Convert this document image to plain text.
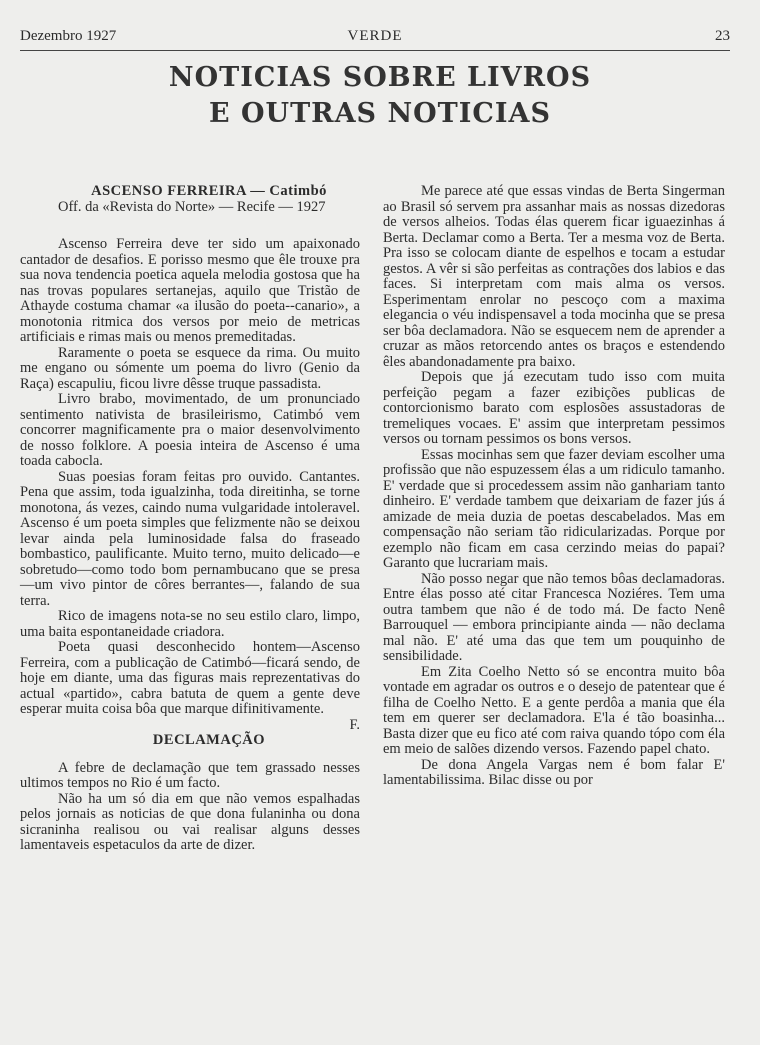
Dezembro 1927	VERDE	23
NOTICIAS SOBRE LIVROS
E OUTRAS NOTICIAS

ASCENSO FERREIRA — Catimbó

Off. da «Revista do Norte» — Recife — 1927

Ascenso Ferreira deve ter sido um apaixonado cantador de desafios. E porisso mesmo que êle trouxe pra sua nova tendencia poetica aquela melodia gostosa que ha nas trovas populares sertanejas, aquilo que Tristão de Athayde costuma chamar «a ilusão do poeta--canario», a monotonia ritmica dos versos por meio de metricas artificiais e rimas mais ou menos premeditadas.

Raramente o poeta se esquece da rima. Ou muito me engano ou sómente um poema do livro (Genio da Raça) escapuliu, ficou livre dêsse truque passadista.

Livro brabo, movimentado, de um pronunciado sentimento nativista de brasileirismo, Catimbó vem concorrer magnificamente pra o maior desenvolvimento de nosso folklore. A poesia inteira de Ascenso é uma toada cabocla.

Suas poesias foram feitas pro ouvido. Cantantes. Pena que assim, toda igualzinha, toda direitinha, se torne monotona, ás vezes, caindo numa vulgaridade intoleravel. Ascenso é um poeta simples que felizmente não se deixou levar ainda pela luminosidade falsa do fraseado bombastico, paulificante. Muito terno, muito delicado—e sobretudo—como todo bom pernambucano que se presa —um vivo pintor de côres berrantes—, falando de sua terra.

Rico de imagens nota-se no seu estilo claro, limpo, uma baita espontaneidade criadora.

Poeta quasi desconhecido hontem—Ascenso Ferreira, com a publicação de Catimbó—ficará sendo, de hoje em diante, uma das figuras mais reprezentativas do actual «partido», cabra batuta de quem a gente deve esperar muita coisa bôa que marque difinitivamente.

F.

DECLAMAÇÃO

A febre de declamação que tem grassado nesses ultimos tempos no Rio é um facto.

Não ha um só dia em que não vemos espalhadas pelos jornais as noticias de que dona fulaninha ou dona sicraninha realisou ou vai realisar alguns desses lamentaveis espetaculos da arte de dizer.

Me parece até que essas vindas de Berta Singerman ao Brasil só servem pra assanhar mais as nossas dizedoras de versos alheios. Todas élas querem ficar iguaezinhas á Berta. Declamar como a Berta. Ter a mesma voz de Berta. Pra isso se colocam diante de espelhos e tocam a estudar gestos. A vêr si são perfeitas as contrações dos labios e das faces. Si interpretam com mais alma os versos. Esperimentam enrolar no pescoço com a maxima elegancia o véu indispensavel a toda mocinha que se presa ser bôa declamadora. Não se esquecem nem de aprender a cruzar as mãos retorcendo antes os braços e estendendo êles abandonadamente pra baixo.

Depois que já ezecutam tudo isso com muita perfeição pegam a fazer ezibições publicas de contorcionismo barato com esplosões assustadoras de tremeliques vocaes. E' assim que interpretam pessimos versos ou tornam pessimos os bons versos.

Essas mocinhas sem que fazer deviam escolher uma profissão que não espuzessem élas a um ridiculo tamanho. E' verdade que si procedessem assim não ganhariam tanto dinheiro. E' verdade tambem que deixariam de fazer jús á amizade de meia duzia de poetas descabelados. Mas em compensação não seriam tão ridicularizadas. Porque por ezemplo não ficam em casa cerzindo meias do papai? Garanto que lucrariam mais.

Não posso negar que não temos bôas declamadoras. Entre élas posso até citar Francesca Noziéres. Tem uma outra tambem que não é de todo má. De facto Nenê Barrouquel — embora principiante ainda — não declama mal não. E' até uma das que tem um pouquinho de sensibilidade.

Em Zita Coelho Netto só se encontra muito bôa vontade em agradar os outros e o desejo de patentear que é filha de Coelho Netto. E a gente perdôa a mania que éla tem em querer ser declamadora. E'la é tão boasinha... Basta dizer que eu fico até com raiva quando tópo com éla em meio de salões dizendo versos. Fazendo papel chato.

De dona Angela Vargas nem é bom falar E' lamentabilissima. Bilac disse ou por
